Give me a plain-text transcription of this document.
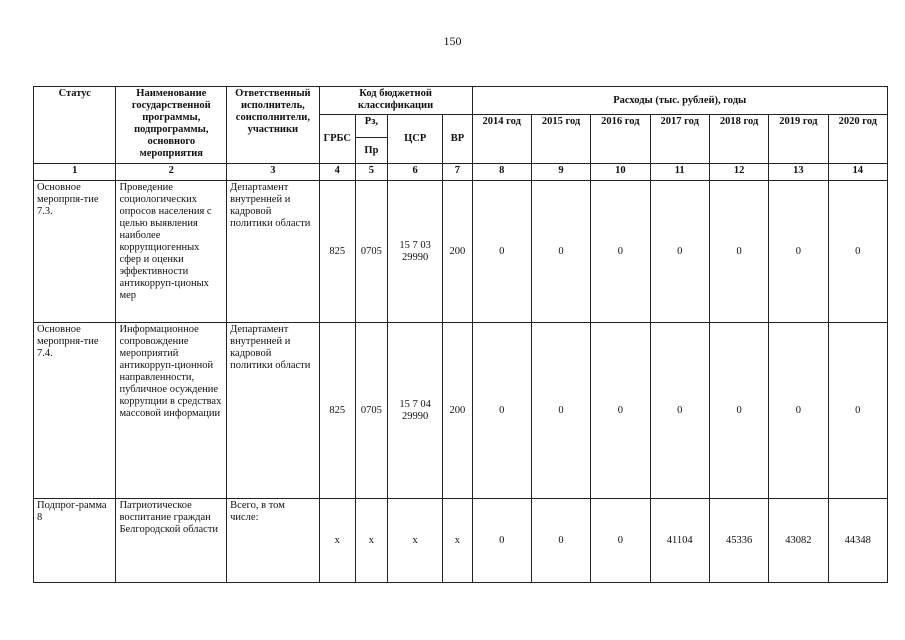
150
Статус	Наименование государственной программы, подпрограммы, основного мероприятия	Ответственный исполнитель, соисполнители, участники	Код бюджетной классификации				Расходы (тыс. рублей), годы						
			ГРБС	Рз,	ЦСР	ВР	2014 год	2015 год	2016 год	2017 год	2018 год	2019 год	2020 год
				Пр									
1	2	3	4	5	6	7	8	9	10	11	12	13	14
Основное меропрпя-тие 7.3.	Проведение социологических опросов населения с целью выявления наиболее коррупциогенных сфер и оценки эффективности антикорруп-ционых мер	Департамент внутренней и кадровой политики области	825	0705	15 7 03 29990	200	0	0	0	0	0	0	0
Основное меропрня-тие 7.4.	Информационное сопровождение мероприятий антикорруп-ционной направленности, публичное осуждение коррупции в средствах массовой информации	Департамент внутренней и кадровой политики области	825	0705	15 7 04 29990	200	0	0	0	0	0	0	0
Подпрог-рамма 8	Патриотическое воспитание граждан Белгородской области	Всего, в том числе:	x	x	x	x	0	0	0	41104	45336	43082	44348
